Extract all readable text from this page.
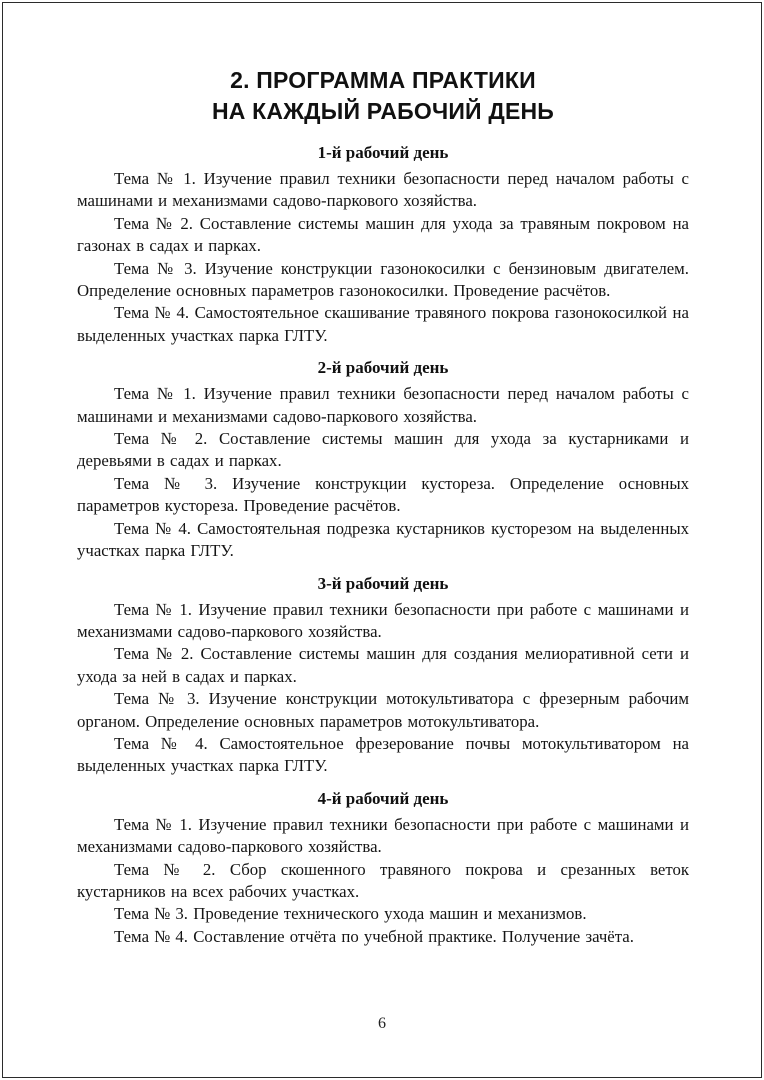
2. ПРОГРАММА ПРАКТИКИ
НА КАЖДЫЙ РАБОЧИЙ ДЕНЬ
1-й рабочий день

Тема № 1. Изучение правил техники безопасности перед началом работы с машинами и механизмами садово-паркового хозяйства.

Тема № 2. Составление системы машин для ухода за травяным покровом на газонах в садах и парках.

Тема № 3. Изучение конструкции газонокосилки с бензиновым двигателем. Определение основных параметров газонокосилки. Проведение расчётов.

Тема № 4. Самостоятельное скашивание травяного покрова газонокосилкой на выделенных участках парка ГЛТУ.

2-й рабочий день

Тема № 1. Изучение правил техники безопасности перед началом работы с машинами и механизмами садово-паркового хозяйства.

Тема № 2. Составление системы машин для ухода за кустарниками и деревьями в садах и парках.

Тема № 3. Изучение конструкции кустореза. Определение основных параметров кустореза. Проведение расчётов.

Тема № 4. Самостоятельная подрезка кустарников кусторезом на выделенных участках парка ГЛТУ.

3-й рабочий день

Тема № 1. Изучение правил техники безопасности при работе с машинами и механизмами садово-паркового хозяйства.

Тема № 2. Составление системы машин для создания мелиоративной сети и ухода за ней в садах и парках.

Тема № 3. Изучение конструкции мотокультиватора с фрезерным рабочим органом. Определение основных параметров мотокультиватора.

Тема № 4. Самостоятельное фрезерование почвы мотокультиватором на выделенных участках парка ГЛТУ.

4-й рабочий день

Тема № 1. Изучение правил техники безопасности при работе с машинами и механизмами садово-паркового хозяйства.

Тема № 2. Сбор скошенного травяного покрова и срезанных веток кустарников на всех рабочих участках.

Тема № 3. Проведение технического ухода машин и механизмов.

Тема № 4. Составление отчёта по учебной практике. Получение зачёта.

6
